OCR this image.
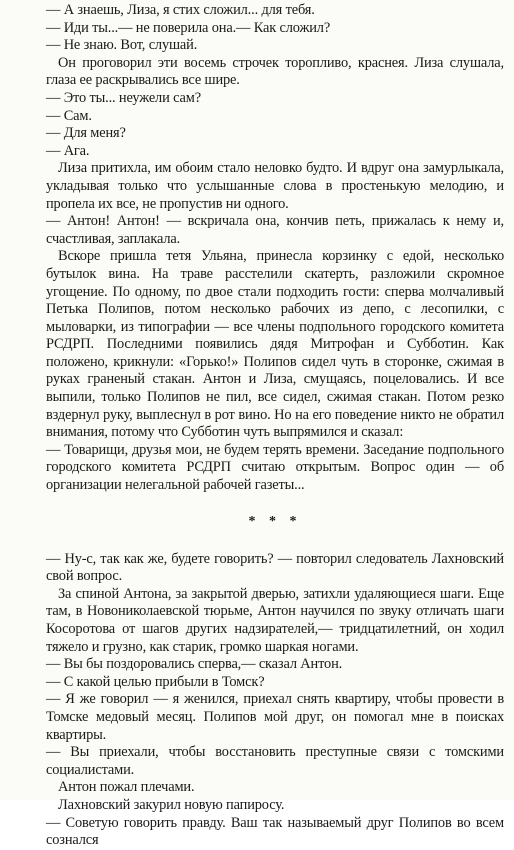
— А знаешь, Лиза, я стих сложил... для тебя.

— Иди ты...— не поверила она.— Как сложил?

— Не знаю. Вот, слушай.

Он проговорил эти восемь строчек торопливо, краснея. Лиза слушала, глаза ее раскрывались все шире.

— Это ты... неужели сам?

— Сам.

— Для меня?

— Ага.

Лиза притихла, им обоим стало неловко будто. И вдруг она замурлыкала, укладывая только что услышанные слова в простенькую мелодию, и пропела их все, не пропустив ни одного.

— Антон! Антон! — вскричала она, кончив петь, прижалась к нему и, счастливая, заплакала.

Вскоре пришла тетя Ульяна, принесла корзинку с едой, несколько бутылок вина. На траве расстелили скатерть, разложили скромное угощение. По одному, по двое стали подходить гости: сперва молчаливый Петька Полипов, потом несколько рабочих из депо, с лесопилки, с мыловарки, из типографии — все члены подпольного городского комитета РСДРП. Последними появились дядя Митрофан и Субботин. Как положено, крикнули: «Горько!» Полипов сидел чуть в сторонке, сжимая в руках граненый стакан. Антон и Лиза, смущаясь, поцеловались. И все выпили, только Полипов не пил, все сидел, сжимая стакан. Потом резко вздернул руку, выплеснул в рот вино. Но на его поведение никто не обратил внимания, потому что Субботин чуть выпрямился и сказал:

— Товарищи, друзья мои, не будем терять времени. Заседание подпольного городского комитета РСДРП считаю открытым. Вопрос один — об организации нелегальной рабочей газеты...

* * *

— Ну-с, так как же, будете говорить? — повторил следователь Лахновский свой вопрос.

За спиной Антона, за закрытой дверью, затихли удаляющиеся шаги. Еще там, в Новониколаевской тюрьме, Антон научился по звуку отличать шаги Косоротова от шагов других надзирателей,— тридцатилетний, он ходил тяжело и грузно, как старик, громко шаркая ногами.

— Вы бы поздоровались сперва,— сказал Антон.

— С какой целью прибыли в Томск?

— Я же говорил — я женился, приехал снять квартиру, чтобы провести в Томске медовый месяц. Полипов мой друг, он помогал мне в поисках квартиры.

— Вы приехали, чтобы восстановить преступные связи с томскими социалистами.

Антон пожал плечами.

Лахновский закурил новую папиросу.

— Советую говорить правду. Ваш так называемый друг Полипов во всем сознался
